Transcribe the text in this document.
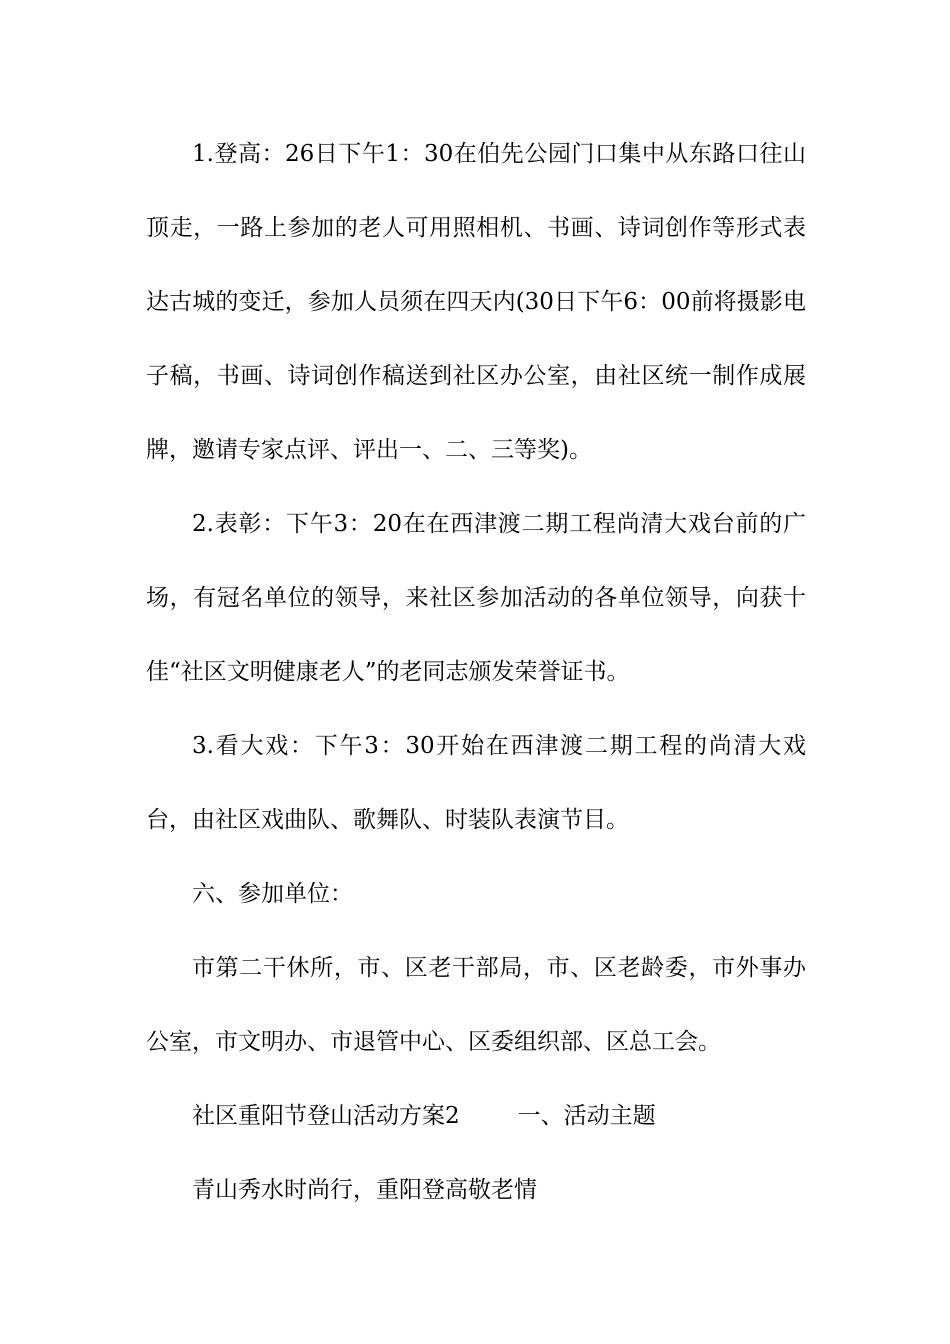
1.登高：26日下午1：30在伯先公园门口集中从东路口往山顶走，一路上参加的老人可用照相机、书画、诗词创作等形式表达古城的变迁，参加人员须在四天内(30日下午6：00前将摄影电子稿，书画、诗词创作稿送到社区办公室，由社区统一制作成展牌，邀请专家点评、评出一、二、三等奖)。

2.表彰：下午3：20在在西津渡二期工程尚清大戏台前的广场，有冠名单位的领导，来社区参加活动的各单位领导，向获十佳“社区文明健康老人”的老同志颁发荣誉证书。

3.看大戏：下午3：30开始在西津渡二期工程的尚清大戏台，由社区戏曲队、歌舞队、时装队表演节目。

六、参加单位：

市第二干休所，市、区老干部局，市、区老龄委，市外事办公室，市文明办、市退管中心、区委组织部、区总工会。

社区重阳节登山活动方案2	一、活动主题

青山秀水时尚行，重阳登高敬老情
